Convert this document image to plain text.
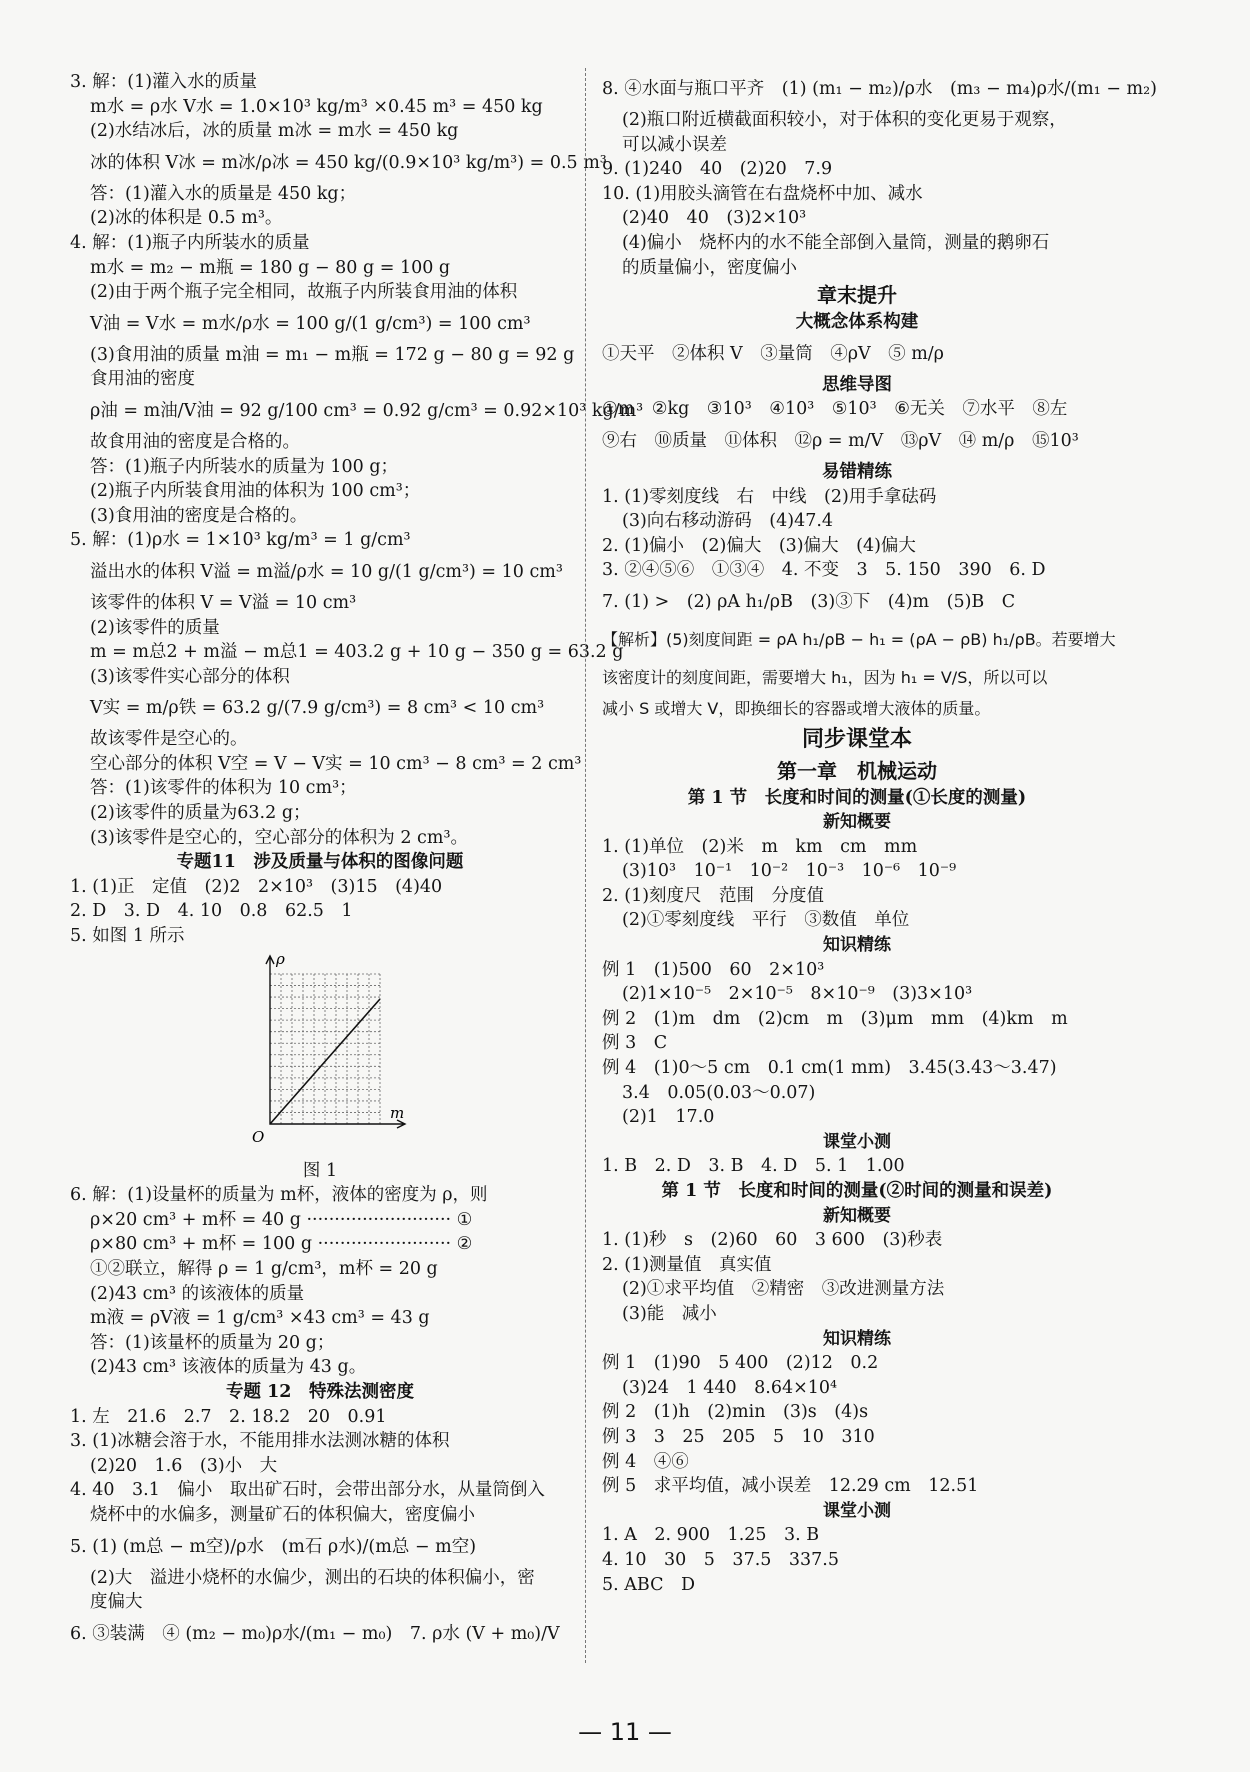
3. 解：(1)灌入水的质量
m水 = ρ水 V水 = 1.0×10³ kg/m³ ×0.45 m³ = 450 kg
(2)水结冰后，冰的质量 m冰 = m水 = 450 kg
冰的体积 V冰 = m冰/ρ冰 = 450 kg/(0.9×10³ kg/m³) = 0.5 m³
答：(1)灌入水的质量是 450 kg；
(2)冰的体积是 0.5 m³。
4. 解：(1)瓶子内所装水的质量
m水 = m₂ − m瓶 = 180 g − 80 g = 100 g
(2)由于两个瓶子完全相同，故瓶子内所装食用油的体积
V油 = V水 = m水/ρ水 = 100 g/(1 g/cm³) = 100 cm³
(3)食用油的质量 m油 = m₁ − m瓶 = 172 g − 80 g = 92 g
食用油的密度
ρ油 = m油/V油 = 92 g/100 cm³ = 0.92 g/cm³ = 0.92×10³ kg/m³
故食用油的密度是合格的。
答：(1)瓶子内所装水的质量为 100 g；
(2)瓶子内所装食用油的体积为 100 cm³；
(3)食用油的密度是合格的。
5. 解：(1)ρ水 = 1×10³ kg/m³ = 1 g/cm³
溢出水的体积 V溢 = m溢/ρ水 = 10 g/(1 g/cm³) = 10 cm³
该零件的体积 V = V溢 = 10 cm³
(2)该零件的质量
m = m总2 + m溢 − m总1 = 403.2 g + 10 g − 350 g = 63.2 g
(3)该零件实心部分的体积
V实 = m/ρ铁 = 63.2 g/(7.9 g/cm³) = 8 cm³ < 10 cm³
故该零件是空心的。
空心部分的体积 V空 = V − V实 = 10 cm³ − 8 cm³ = 2 cm³
答：(1)该零件的体积为 10 cm³；
(2)该零件的质量为63.2 g；
(3)该零件是空心的，空心部分的体积为 2 cm³。
专题11　涉及质量与体积的图像问题
1. (1)正　定值　(2)2　2×10³　(3)15　(4)40
2. D　3. D　4. 10　0.8　62.5　1
5. 如图 1 所示
ρ
m
O
图 1
6. 解：(1)设量杯的质量为 m杯，液体的密度为 ρ，则
ρ×20 cm³ + m杯 = 40 g ·························· ①
ρ×80 cm³ + m杯 = 100 g ························ ②
①②联立，解得 ρ = 1 g/cm³，m杯 = 20 g
(2)43 cm³ 的该液体的质量
m液 = ρV液 = 1 g/cm³ ×43 cm³ = 43 g
答：(1)该量杯的质量为 20 g；
(2)43 cm³ 该液体的质量为 43 g。
专题 12　特殊法测密度
1. 左　21.6　2.7　2. 18.2　20　0.91
3. (1)冰糖会溶于水，不能用排水法测冰糖的体积
(2)20　1.6　(3)小　大
4. 40　3.1　偏小　取出矿石时，会带出部分水，从量筒倒入
烧杯中的水偏多，测量矿石的体积偏大，密度偏小
5. (1) (m总 − m空)/ρ水　(m石 ρ水)/(m总 − m空)
(2)大　溢进小烧杯的水偏少，测出的石块的体积偏小，密
度偏大
6. ③装满　④ (m₂ − m₀)ρ水/(m₁ − m₀)　7. ρ水 (V + m₀)/V
8. ④水面与瓶口平齐　(1) (m₁ − m₂)/ρ水　(m₃ − m₄)ρ水/(m₁ − m₂)
(2)瓶口附近横截面积较小，对于体积的变化更易于观察，
可以减小误差
9. (1)240　40　(2)20　7.9
10. (1)用胶头滴管在右盘烧杯中加、减水
(2)40　40　(3)2×10³
(4)偏小　烧杯内的水不能全部倒入量筒，测量的鹅卵石
的质量偏小，密度偏小
章末提升
大概念体系构建
①天平　②体积 V　③量筒　④ρV　⑤ m/ρ
思维导图
①m　②kg　③10³　④10³　⑤10³　⑥无关　⑦水平　⑧左
⑨右　⑩质量　⑪体积　⑫ρ = m/V　⑬ρV　⑭ m/ρ　⑮10³
易错精练
1. (1)零刻度线　右　中线　(2)用手拿砝码
(3)向右移动游码　(4)47.4
2. (1)偏小　(2)偏大　(3)偏大　(4)偏大
3. ②④⑤⑥　①③④　4. 不变　3　5. 150　390　6. D
7. (1) >　(2) ρA h₁/ρB　(3)③下　(4)m　(5)B　C
【解析】(5)刻度间距 = ρA h₁/ρB − h₁ = (ρA − ρB) h₁/ρB。若要增大
该密度计的刻度间距，需要增大 h₁，因为 h₁ = V/S，所以可以
减小 S 或增大 V，即换细长的容器或增大液体的质量。
同步课堂本
第一章　机械运动
第 1 节　长度和时间的测量(①长度的测量)
新知概要
1. (1)单位　(2)米　m　km　cm　mm
(3)10³　10⁻¹　10⁻²　10⁻³　10⁻⁶　10⁻⁹
2. (1)刻度尺　范围　分度值
(2)①零刻度线　平行　③数值　单位
知识精练
例 1　(1)500　60　2×10³
(2)1×10⁻⁵　2×10⁻⁵　8×10⁻⁹　(3)3×10³
例 2　(1)m　dm　(2)cm　m　(3)μm　mm　(4)km　m
例 3　C
例 4　(1)0～5 cm　0.1 cm(1 mm)　3.45(3.43～3.47)
3.4　0.05(0.03～0.07)
(2)1　17.0
课堂小测
1. B　2. D　3. B　4. D　5. 1　1.00
第 1 节　长度和时间的测量(②时间的测量和误差)
新知概要
1. (1)秒　s　(2)60　60　3 600　(3)秒表
2. (1)测量值　真实值
(2)①求平均值　②精密　③改进测量方法
(3)能　减小
知识精练
例 1　(1)90　5 400　(2)12　0.2
(3)24　1 440　8.64×10⁴
例 2　(1)h　(2)min　(3)s　(4)s
例 3　3　25　205　5　10　310
例 4　④⑥
例 5　求平均值，减小误差　12.29 cm　12.51
课堂小测
1. A　2. 900　1.25　3. B
4. 10　30　5　37.5　337.5
5. ABC　D
— 11 —
